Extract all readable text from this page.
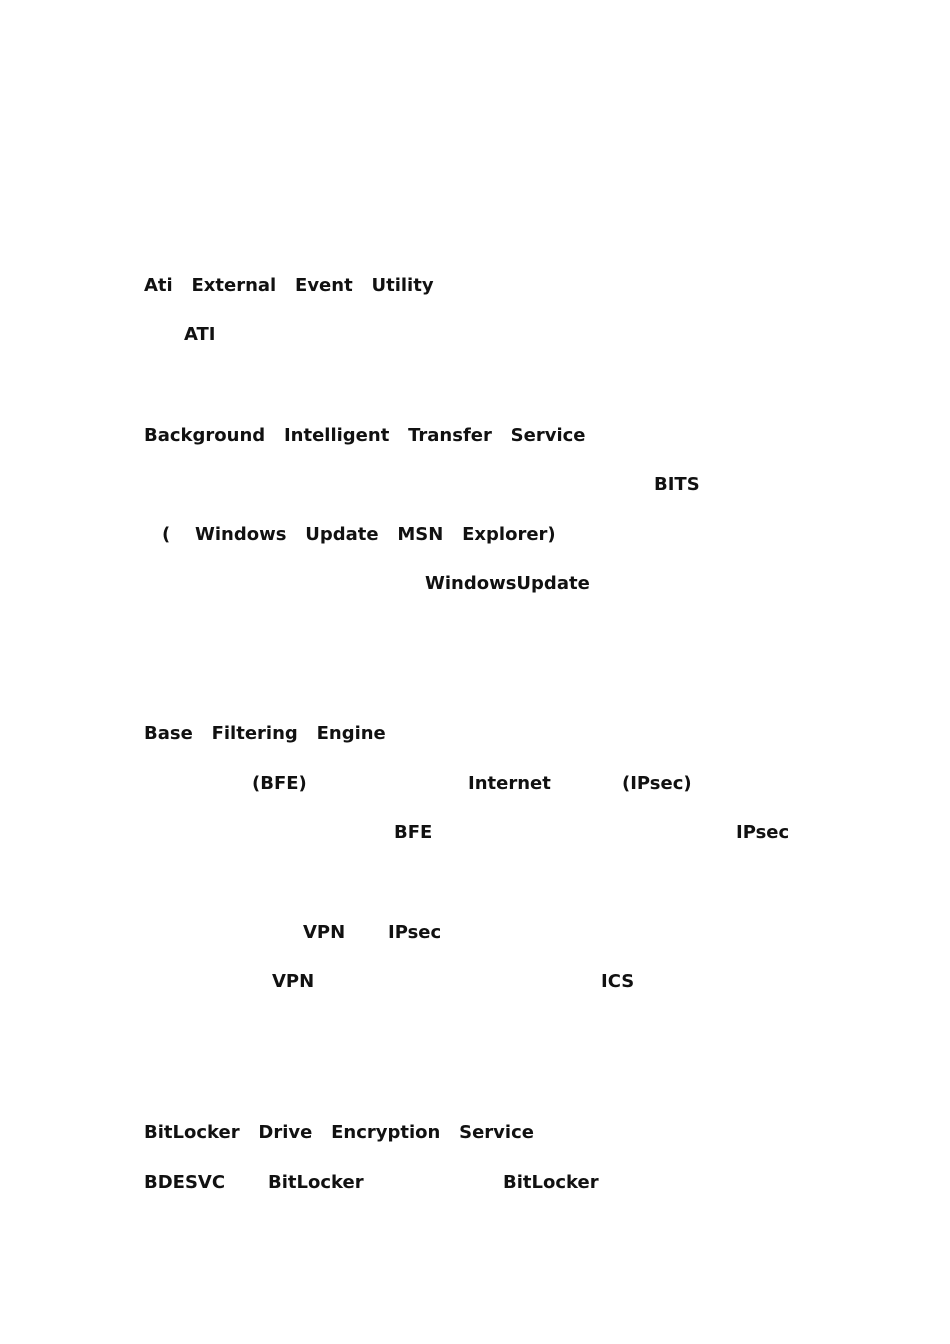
Ati   External   Event   Utility

ATI

Background   Intelligent   Transfer   Service

BITS

( Windows   Update   MSN   Explorer)

WindowsUpdate

Base   Filtering   Engine

(BFE)	Internet	(IPsec)

BFE	IPsec

VPN IPsec

VPN	ICS

BitLocker   Drive   Encryption   Service

BDESVC BitLocker	BitLocker
